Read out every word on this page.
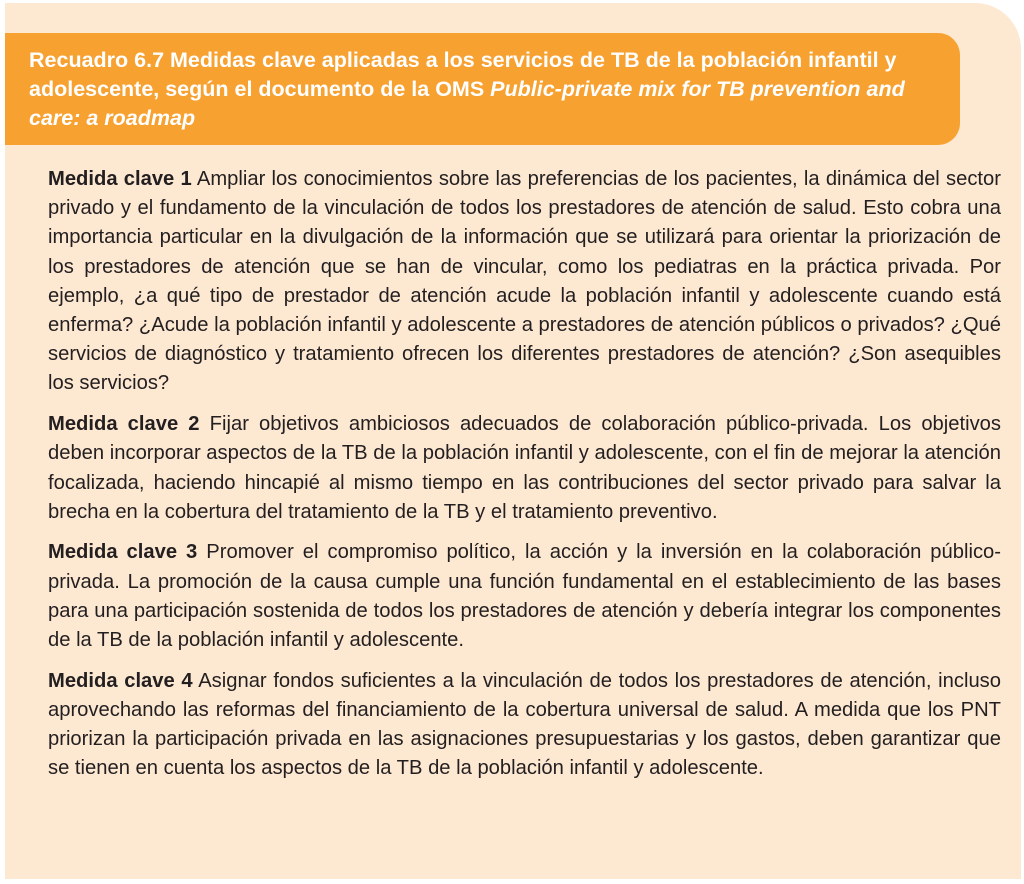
Recuadro 6.7 Medidas clave aplicadas a los servicios de TB de la población infantil y adolescente, según el documento de la OMS Public-private mix for TB prevention and care: a roadmap

Medida clave 1 Ampliar los conocimientos sobre las preferencias de los pacientes, la dinámica del sector privado y el fundamento de la vinculación de todos los prestadores de atención de salud. Esto cobra una importancia particular en la divulgación de la información que se utilizará para orientar la priorización de los prestadores de atención que se han de vincular, como los pediatras en la práctica privada. Por ejemplo, ¿a qué tipo de prestador de atención acude la población infantil y adolescente cuando está enferma? ¿Acude la población infantil y adolescente a prestadores de atención públicos o privados? ¿Qué servicios de diagnóstico y tratamiento ofrecen los diferentes prestadores de atención? ¿Son asequibles los servicios?

Medida clave 2 Fijar objetivos ambiciosos adecuados de colaboración público-privada. Los objetivos deben incorporar aspectos de la TB de la población infantil y adolescente, con el fin de mejorar la atención focalizada, haciendo hincapié al mismo tiempo en las contribuciones del sector privado para salvar la brecha en la cobertura del tratamiento de la TB y el tratamiento preventivo.

Medida clave 3 Promover el compromiso político, la acción y la inversión en la colaboración público-privada. La promoción de la causa cumple una función fundamental en el establecimiento de las bases para una participación sostenida de todos los prestadores de atención y debería integrar los componentes de la TB de la población infantil y adolescente.

Medida clave 4 Asignar fondos suficientes a la vinculación de todos los prestadores de atención, incluso aprovechando las reformas del financiamiento de la cobertura universal de salud. A medida que los PNT priorizan la participación privada en las asignaciones presupuestarias y los gastos, deben garantizar que se tienen en cuenta los aspectos de la TB de la población infantil y adolescente.
